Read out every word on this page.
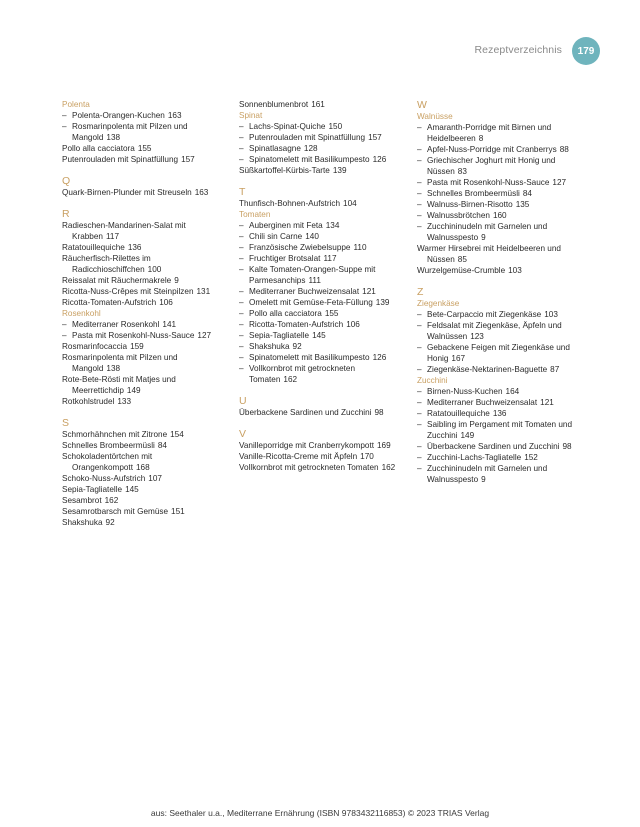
Rezeptverzeichnis	179
Polenta
– Polenta-Orangen-Kuchen 163
– Rosmarinpolenta mit Pilzen und Mangold 138
Pollo alla cacciatora 155
Putenrouladen mit Spinatfüllung 157
Q
Quark-Birnen-Plunder mit Streuseln 163
R
Radieschen-Mandarinen-Salat mit Krabben 117
Ratatouillequiche 136
Räucherfisch-Rilettes im Radicchioschiffchen 100
Reissalat mit Räuchermakrele 9
Ricotta-Nuss-Crêpes mit Steinpilzen 131
Ricotta-Tomaten-Aufstrich 106
Rosenkohl
– Mediterraner Rosenkohl 141
– Pasta mit Rosenkohl-Nuss-Sauce 127
Rosmarinfocaccia 159
Rosmarinpolenta mit Pilzen und Mangold 138
Rote-Bete-Rösti mit Matjes und Meerrettichdip 149
Rotkohlstrudel 133
S
Schmorhähnchen mit Zitrone 154
Schnelles Brombeermüsli 84
Schokoladentörtchen mit Orangenkompott 168
Schoko-Nuss-Aufstrich 107
Sepia-Tagliatelle 145
Sesambrot 162
Sesamrotbarsch mit Gemüse 151
Shakshuka 92
Sonnenblumenbrot 161
Spinat
– Lachs-Spinat-Quiche 150
– Putenrouladen mit Spinatfüllung 157
– Spinatlasagne 128
– Spinatomelett mit Basilikumpesto 126
Süßkartoffel-Kürbis-Tarte 139
T
Thunfisch-Bohnen-Aufstrich 104
Tomaten
– Auberginen mit Feta 134
– Chili sin Carne 140
– Französische Zwiebelsuppe 110
– Fruchtiger Brotsalat 117
– Kalte Tomaten-Orangen-Suppe mit Parmesanchips 111
– Mediterraner Buchweizensalat 121
– Omelett mit Gemüse-Feta-Füllung 139
– Pollo alla cacciatora 155
– Ricotta-Tomaten-Aufstrich 106
– Sepia-Tagliatelle 145
– Shakshuka 92
– Spinatomelett mit Basilikumpesto 126
– Vollkornbrot mit getrockneten Tomaten 162
U
Überbackene Sardinen und Zucchini 98
V
Vanilleporridge mit Cranberrykompott 169
Vanille-Ricotta-Creme mit Äpfeln 170
Vollkornbrot mit getrockneten Tomaten 162
W
Walnüsse
– Amaranth-Porridge mit Birnen und Heidelbeeren 8
– Apfel-Nuss-Porridge mit Cranberrys 88
– Griechischer Joghurt mit Honig und Nüssen 83
– Pasta mit Rosenkohl-Nuss-Sauce 127
– Schnelles Brombeermüsli 84
– Walnuss-Birnen-Risotto 135
– Walnussbrötchen 160
– Zucchininudeln mit Garnelen und Walnusspesto 9
Warmer Hirsebrei mit Heidelbeeren und Nüssen 85
Wurzelgemüse-Crumble 103
Z
Ziegenkäse
– Bete-Carpaccio mit Ziegenkäse 103
– Feldsalat mit Ziegenkäse, Äpfeln und Walnüssen 123
– Gebackene Feigen mit Ziegenkäse und Honig 167
– Ziegenkäse-Nektarinen-Baguette 87
Zucchini
– Birnen-Nuss-Kuchen 164
– Mediterraner Buchweizensalat 121
– Ratatouillequiche 136
– Saibling im Pergament mit Tomaten und Zucchini 149
– Überbackene Sardinen und Zucchini 98
– Zucchini-Lachs-Tagliatelle 152
– Zucchininudeln mit Garnelen und Walnusspesto 9
aus: Seethaler u.a., Mediterrane Ernährung (ISBN 9783432116853) © 2023 TRIAS Verlag
